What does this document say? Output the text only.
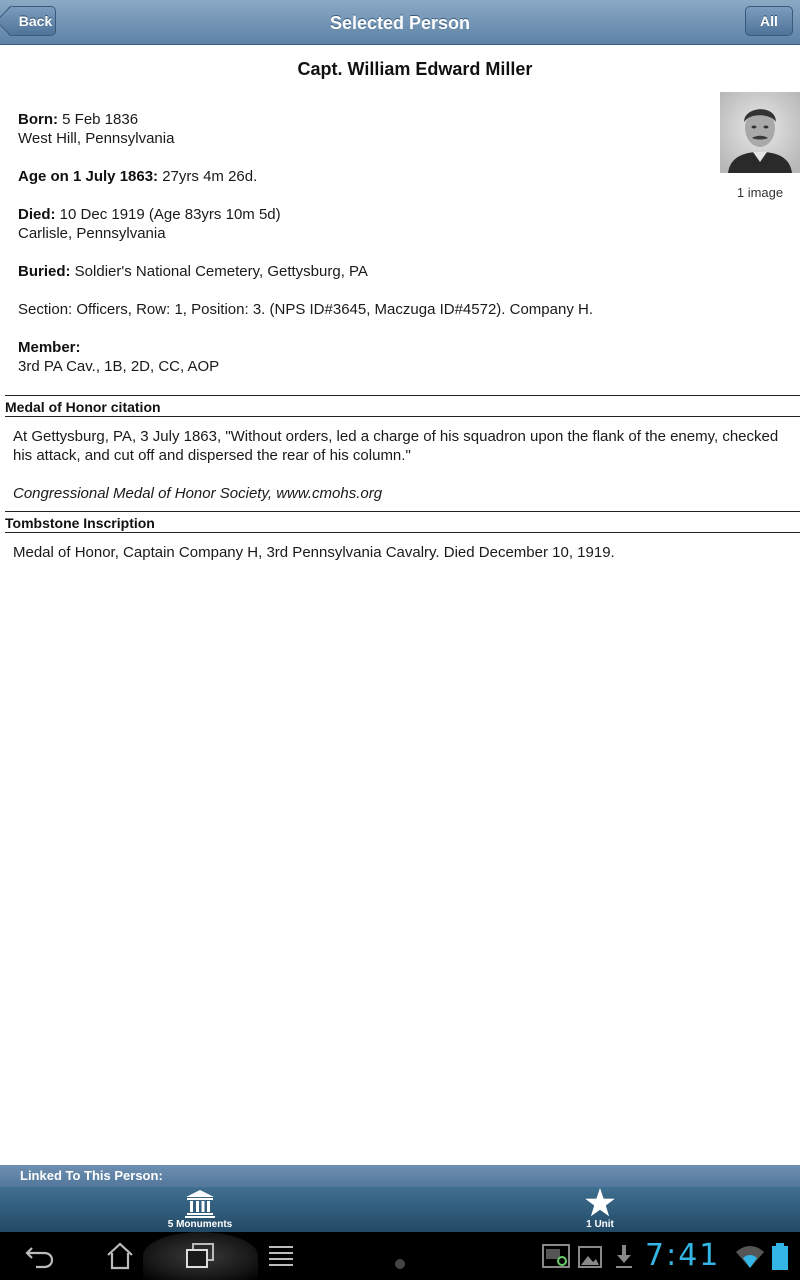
Back	Selected Person	All
Capt. William Edward Miller
Born: 5 Feb 1836
West Hill, Pennsylvania
Age on 1 July 1863: 27yrs 4m 26d.
Died: 10 Dec 1919 (Age 83yrs 10m 5d)
Carlisle, Pennsylvania
Buried: Soldier's National Cemetery, Gettysburg, PA
Section: Officers, Row: 1, Position: 3. (NPS ID#3645, Maczuga ID#4572). Company H.
Member:
3rd PA Cav., 1B, 2D, CC, AOP
1 image
Medal of Honor citation

At Gettysburg, PA, 3 July 1863, "Without orders, led a charge of his squadron upon the flank of the enemy, checked his attack, and cut off and dispersed the rear of his column."

Congressional Medal of Honor Society, www.cmohs.org

Tombstone Inscription

Medal of Honor, Captain Company H, 3rd Pennsylvania Cavalry. Died December 10, 1919.

Linked To This Person:
5 Monuments	1 Unit
7:41
